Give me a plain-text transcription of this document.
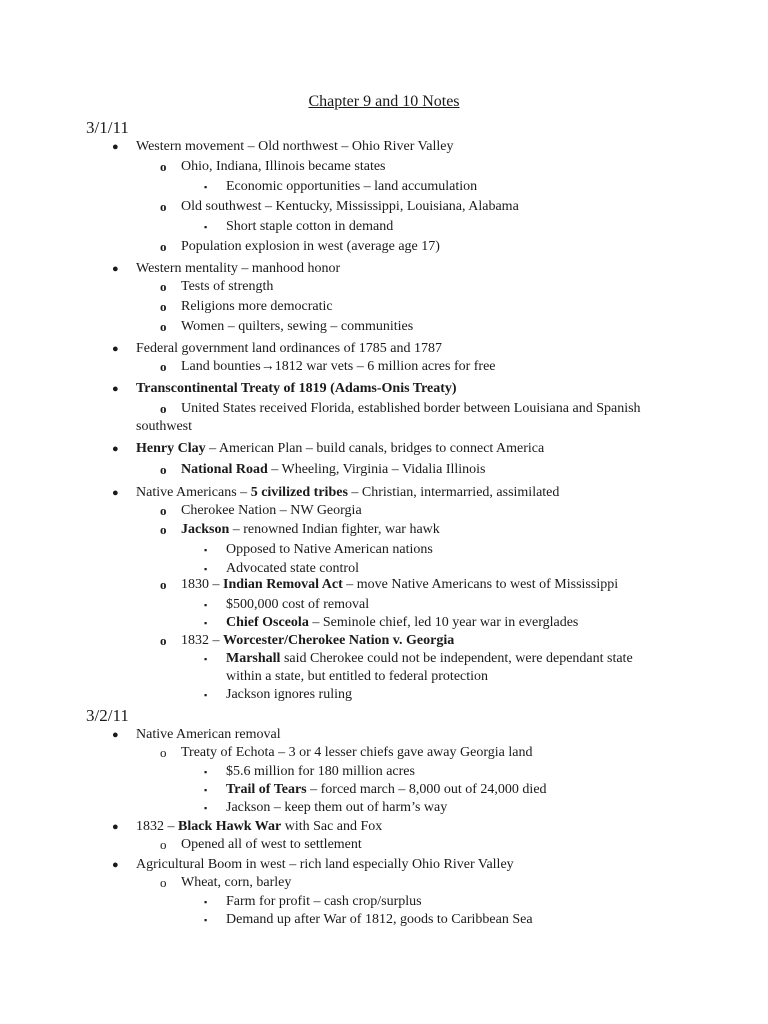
Chapter 9 and 10 Notes
3/1/11
● Western movement – Old northwest – Ohio River Valley
o Ohio, Indiana, Illinois became states
▪ Economic opportunities – land accumulation
o Old southwest – Kentucky, Mississippi, Louisiana, Alabama
▪ Short staple cotton in demand
o Population explosion in west (average age 17)
● Western mentality – manhood honor
o Tests of strength
o Religions more democratic
o Women – quilters, sewing – communities
● Federal government land ordinances of 1785 and 1787
o Land bounties→1812 war vets – 6 million acres for free
● Transcontinental Treaty of 1819 (Adams-Onis Treaty)
o United States received Florida, established border between Louisiana and Spanish
southwest
● Henry Clay – American Plan – build canals, bridges to connect America
o National Road – Wheeling, Virginia – Vidalia Illinois
● Native Americans – 5 civilized tribes – Christian, intermarried, assimilated
o Cherokee Nation – NW Georgia
o Jackson – renowned Indian fighter, war hawk
▪ Opposed to Native American nations
▪ Advocated state control
o 1830 – Indian Removal Act – move Native Americans to west of Mississippi
▪ $500,000 cost of removal
▪ Chief Osceola – Seminole chief, led 10 year war in everglades
o 1832 – Worcester/Cherokee Nation v. Georgia
▪ Marshall said Cherokee could not be independent, were dependant state
within a state, but entitled to federal protection
▪ Jackson ignores ruling
3/2/11
● Native American removal
o Treaty of Echota – 3 or 4 lesser chiefs gave away Georgia land
▪ $5.6 million for 180 million acres
▪ Trail of Tears – forced march – 8,000 out of 24,000 died
▪ Jackson – keep them out of harm’s way
● 1832 – Black Hawk War with Sac and Fox
o Opened all of west to settlement
● Agricultural Boom in west – rich land especially Ohio River Valley
o Wheat, corn, barley
▪ Farm for profit – cash crop/surplus
▪ Demand up after War of 1812, goods to Caribbean Sea
